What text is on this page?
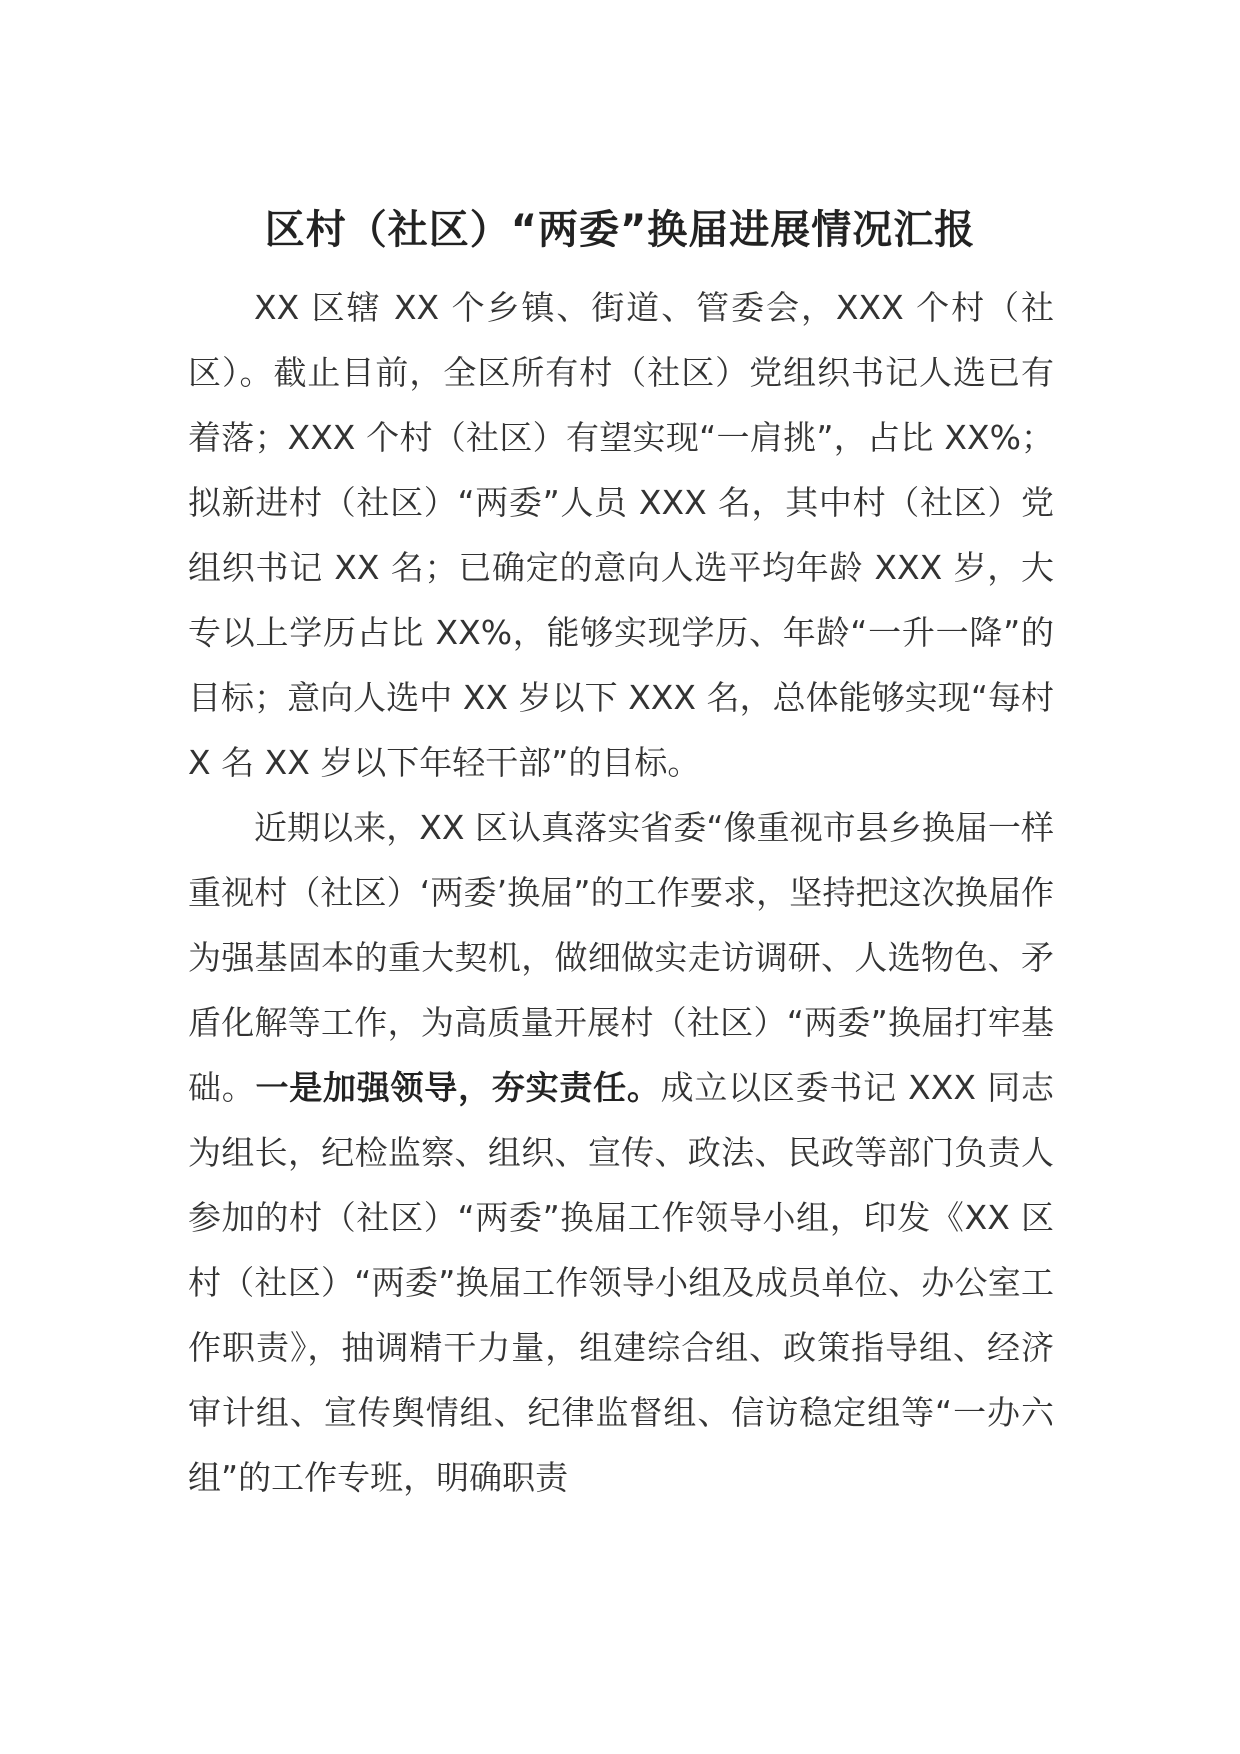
区村（社区）“两委”换届进展情况汇报

XX 区辖 XX 个乡镇、街道、管委会，XXX 个村（社区）。截止目前，全区所有村（社区）党组织书记人选已有着落；XXX 个村（社区）有望实现“一肩挑”，占比 XX%；拟新进村（社区）“两委”人员 XXX 名，其中村（社区）党组织书记 XX 名；已确定的意向人选平均年龄 XXX 岁，大专以上学历占比 XX%，能够实现学历、年龄“一升一降”的目标；意向人选中 XX 岁以下 XXX 名，总体能够实现“每村 X 名 XX 岁以下年轻干部”的目标。

近期以来，XX 区认真落实省委“像重视市县乡换届一样重视村（社区）‘两委’换届”的工作要求，坚持把这次换届作为强基固本的重大契机，做细做实走访调研、人选物色、矛盾化解等工作，为高质量开展村（社区）“两委”换届打牢基础。一是加强领导，夯实责任。成立以区委书记 XXX 同志为组长，纪检监察、组织、宣传、政法、民政等部门负责人参加的村（社区）“两委”换届工作领导小组，印发《XX 区村（社区）“两委”换届工作领导小组及成员单位、办公室工作职责》，抽调精干力量，组建综合组、政策指导组、经济审计组、宣传舆情组、纪律监督组、信访稳定组等“一办六组”的工作专班，明确职责
